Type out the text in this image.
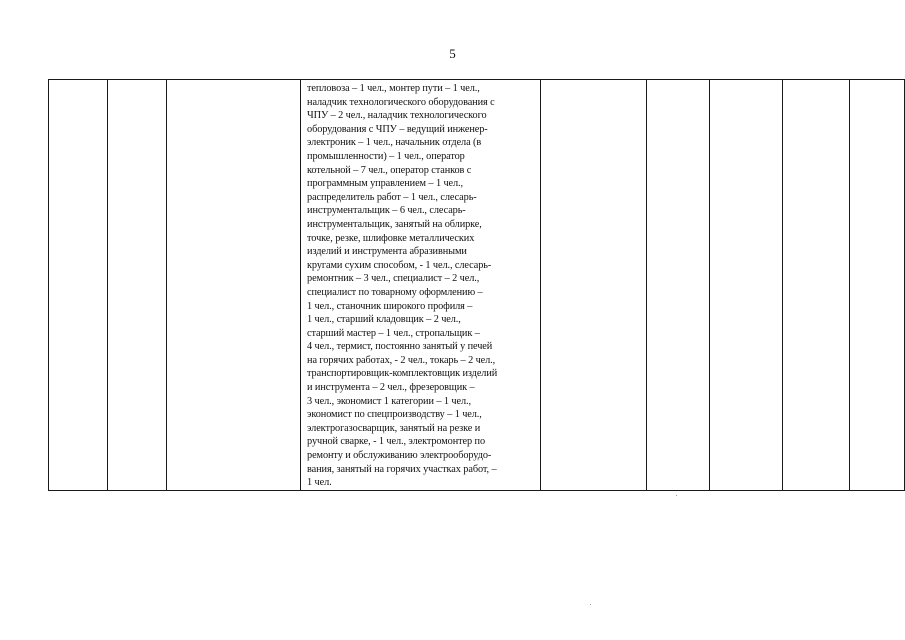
5

тепловоза – 1 чел., монтер пути – 1 чел.,
наладчик технологического оборудования с
ЧПУ – 2 чел., наладчик технологического
оборудования с ЧПУ – ведущий инженер-
электроник – 1 чел., начальник отдела (в
промышленности) – 1 чел., оператор
котельной – 7 чел., оператор станков с
программным управлением – 1 чел.,
распределитель работ – 1 чел., слесарь-
инструментальщик – 6 чел., слесарь-
инструментальщик, занятый на облирке,
точке, резке, шлифовке металлических
изделий и инструмента абразивными
кругами сухим способом, - 1 чел., слесарь-
ремонтник – 3 чел., специалист – 2 чел.,
специалист по товарному оформлению –
1 чел., станочник широкого профиля –
1 чел., старший кладовщик – 2 чел.,
старший мастер – 1 чел., стропальщик –
4 чел., термист, постоянно занятый у печей
на горячих работах, - 2 чел., токарь – 2 чел.,
транспортировщик-комплектовщик изделий
и инструмента – 2 чел., фрезеровщик –
3 чел., экономист 1 категории – 1 чел.,
экономист по спецпроизводству – 1 чел.,
электрогазосварщик, занятый на резке и
ручной сварке, - 1 чел., электромонтер по
ремонту и обслуживанию электрооборудо-
вания, занятый на горячих участках работ, –
1 чел.
